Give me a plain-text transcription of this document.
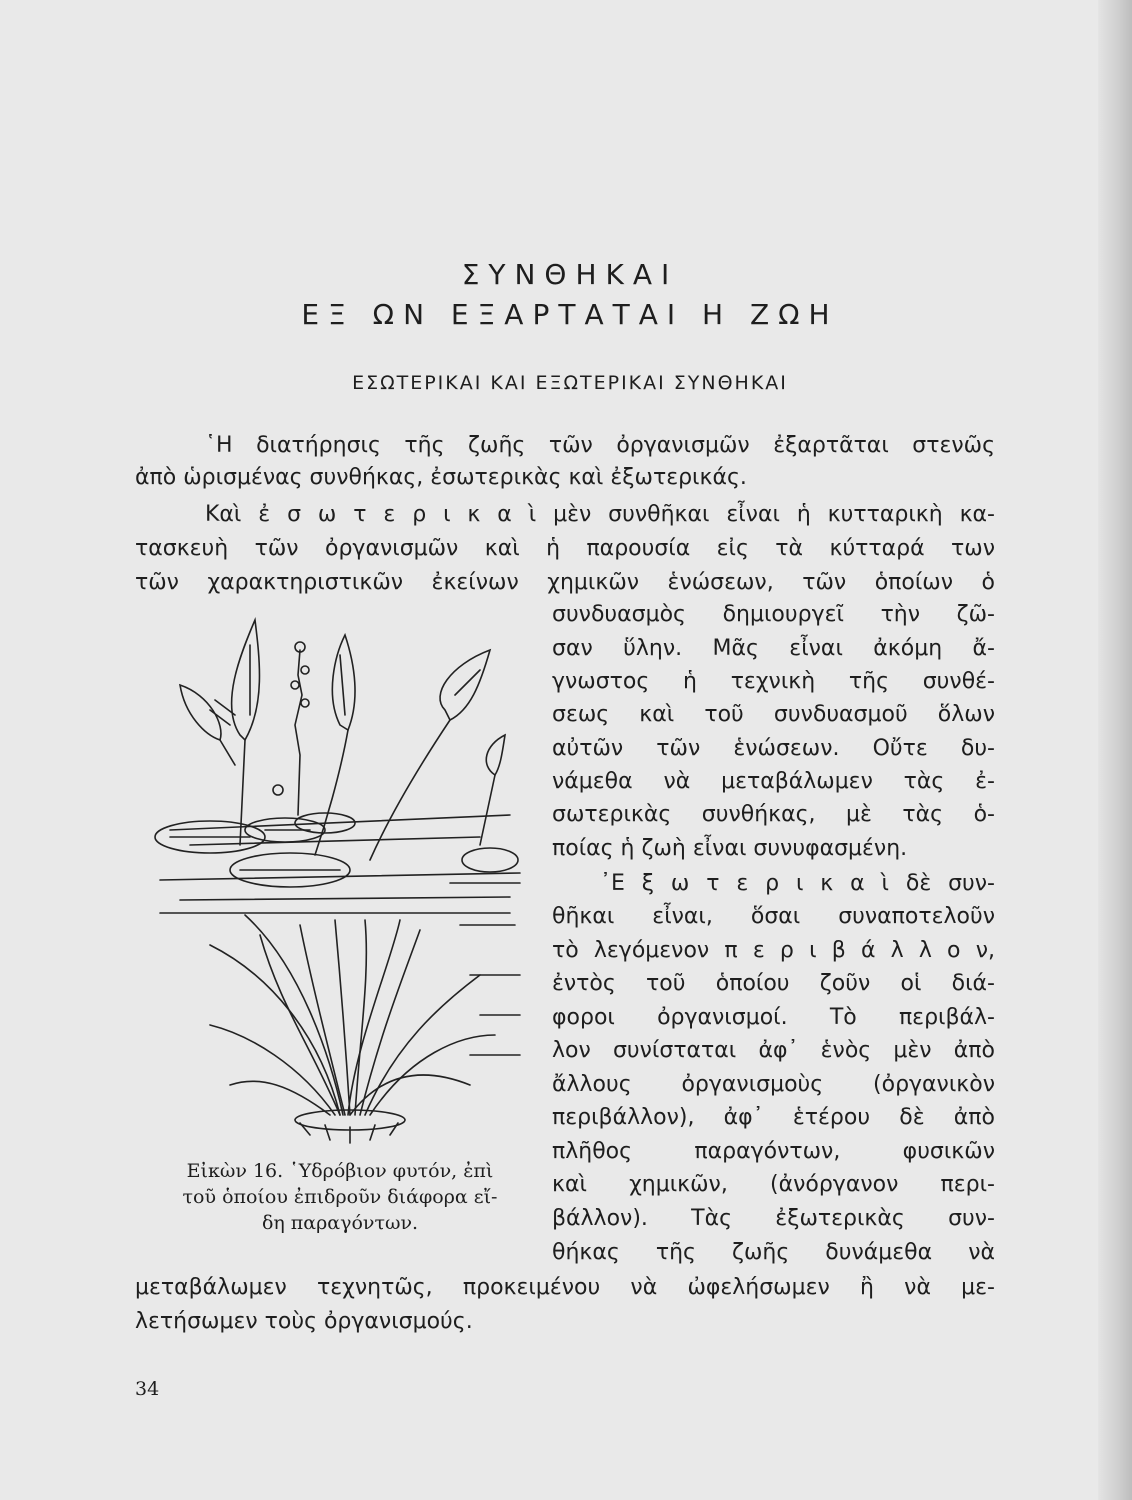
ΣΥΝΘΗΚΑΙ
ΕΞ ΩΝ ΕΞΑΡΤΑΤΑΙ Η ΖΩΗ
ΕΣΩΤΕΡΙΚΑΙ ΚΑΙ ΕΞΩΤΕΡΙΚΑΙ ΣΥΝΘΗΚΑΙ

῾Η διατήρησις τῆς ζωῆς τῶν ὀργανισμῶν ἐξαρτᾶται στενῶς

ἀπὸ ὡρισμένας συνθήκας, ἐσωτερικὰς καὶ ἐξωτερικάς.

Καὶ ἐ σ ω τ ε ρ ι κ α ὶ μὲν συνθῆκαι εἶναι ἡ κυτταρικὴ κα-

τασκευὴ τῶν ὀργανισμῶν καὶ ἡ παρουσία εἰς τὰ κύτταρά των

τῶν χαρακτηριστικῶν ἐκείνων χημικῶν ἑνώσεων, τῶν ὁποίων ὁ

συνδυασμὸς δημιουργεῖ τὴν ζῶ-

σαν ὕλην. Μᾶς εἶναι ἀκόμη ἄ-

γνωστος ἡ τεχνικὴ τῆς συνθέ-

σεως καὶ τοῦ συνδυασμοῦ ὅλων

αὐτῶν τῶν ἑνώσεων. Οὔτε δυ-

νάμεθα νὰ μεταβάλωμεν τὰς ἐ-

σωτερικὰς συνθήκας, μὲ τὰς ὁ-

ποίας ἡ ζωὴ εἶναι συνυφασμένη.

᾿Ε ξ ω τ ε ρ ι κ α ὶ δὲ συν-

θῆκαι εἶναι, ὅσαι συναποτελοῦν

τὸ λεγόμενον π ε ρ ι β ά λ λ ο ν,

ἐντὸς τοῦ ὁποίου ζοῦν οἱ διά-

φοροι ὀργανισμοί. Τὸ περιβάλ-

λον συνίσταται ἀφ᾿ ἑνὸς μὲν ἀπὸ

ἄλλους ὀργανισμοὺς (ὀργανικὸν

περιβάλλον), ἀφ᾿ ἑτέρου δὲ ἀπὸ

πλῆθος παραγόντων, φυσικῶν

καὶ χημικῶν, (ἀνόργανον περι-

βάλλον). Τὰς ἐξωτερικὰς συν-

θήκας τῆς ζωῆς δυνάμεθα νὰ

μεταβάλωμεν τεχνητῶς, προκειμένου νὰ ὠφελήσωμεν ἢ νὰ με-

λετήσωμεν τοὺς ὀργανισμούς.

Εἰκὼν 16. ῾Υδρόβιον φυτόν, ἐπὶ
τοῦ ὁποίου ἐπιδροῦν διάφορα εἴ-
δη παραγόντων.

34
